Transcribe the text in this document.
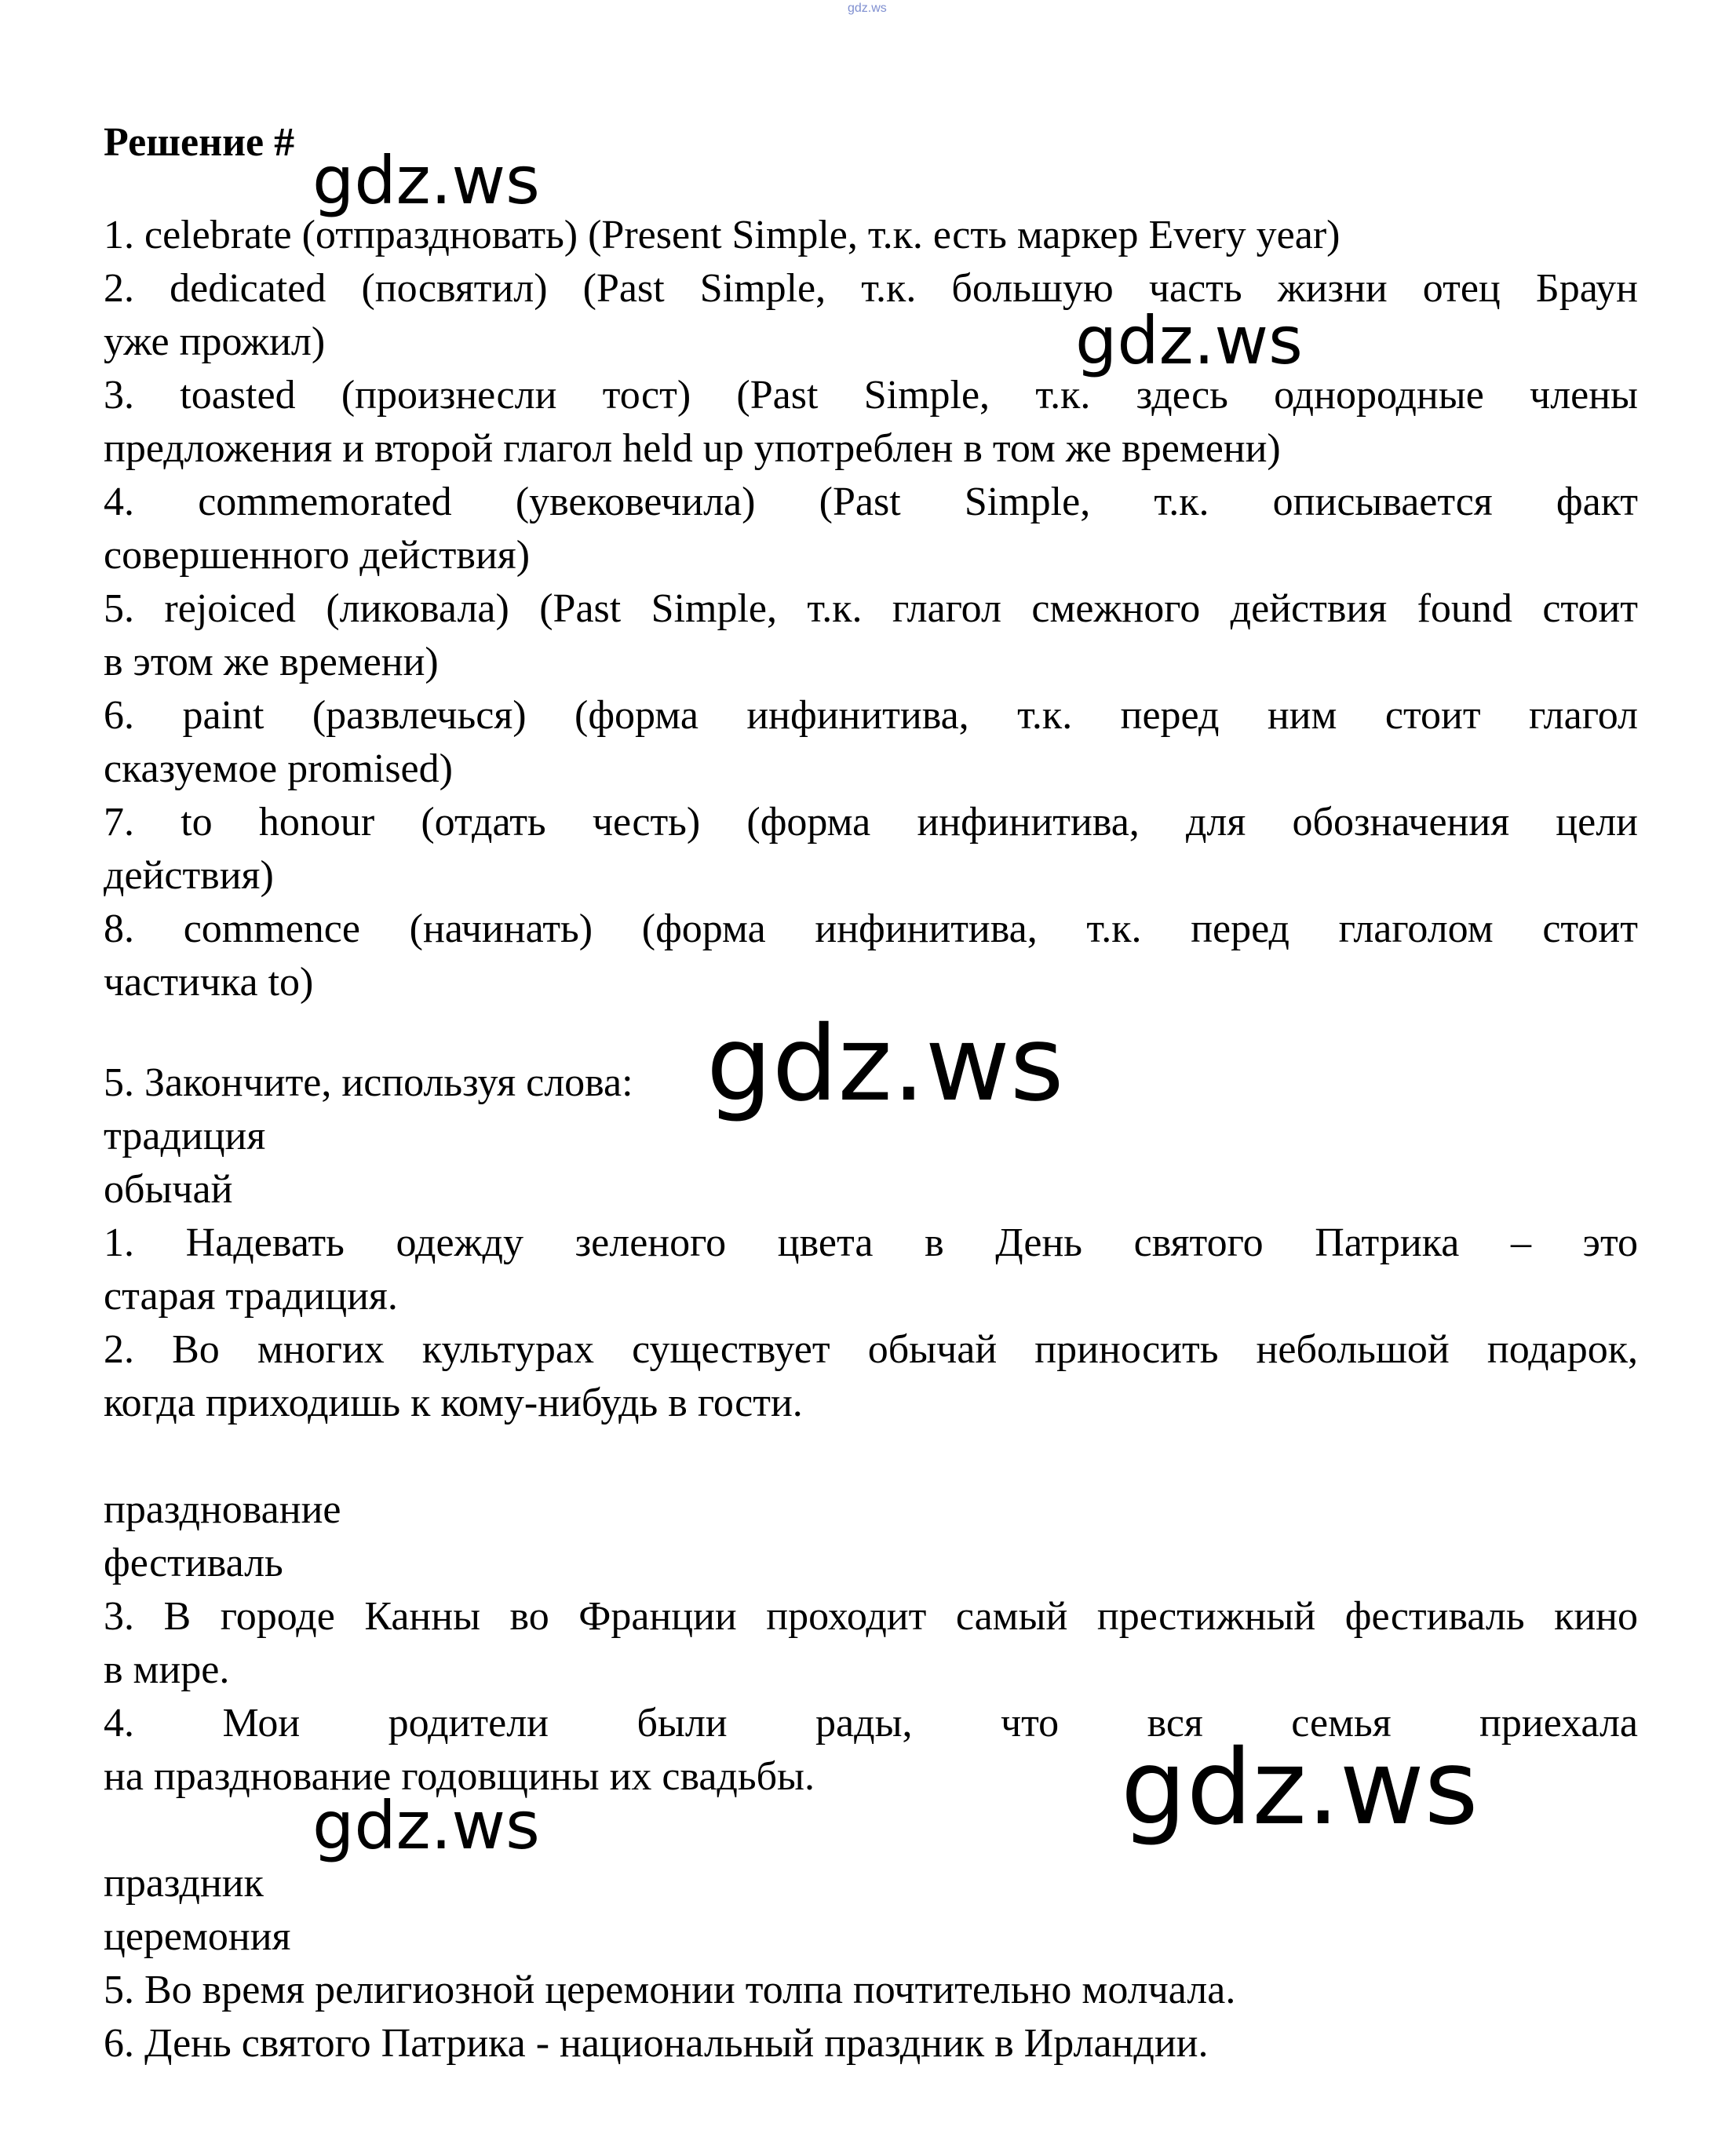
gdz.ws
Решение #
1. celebrate (отпраздновать) (Present Simple, т.к. есть маркер Every year)
2. dedicated (посвятил) (Past Simple, т.к. большую часть жизни отец Браун
уже прожил)
3. toasted (произнесли тост) (Past Simple, т.к. здесь однородные члены
предложения и второй глагол held up употреблен в том же времени)
4. commemorated (увековечила) (Past Simple, т.к. описывается факт
совершенного действия)
5. rejoiced (ликовала) (Past Simple, т.к. глагол смежного действия found стоит
в этом же времени)
6. paint (развлечься) (форма инфинитива, т.к. перед ним стоит глагол
сказуемое promised)
7. to honour (отдать честь) (форма инфинитива, для обозначения цели
действия)
8. commence (начинать) (форма инфинитива, т.к. перед глаголом стоит
частичка to)
5. Закончите, используя слова:
традиция
обычай
1. Надевать одежду зеленого цвета в День святого Патрика – это
старая традиция.
2. Во многих культурах существует обычай приносить небольшой подарок,
когда приходишь к кому-нибудь в гости.
празднование
фестиваль
3. В городе Канны во Франции проходит самый престижный фестиваль кино
в мире.
4. Мои родители были рады, что вся семья приехала
на празднование годовщины их свадьбы.
праздник
церемония
5. Во время религиозной церемонии толпа почтительно молчала.
6. День святого Патрика - национальный праздник в Ирландии.
gdz.ws
gdz.ws
gdz.ws
gdz.ws
gdz.ws
